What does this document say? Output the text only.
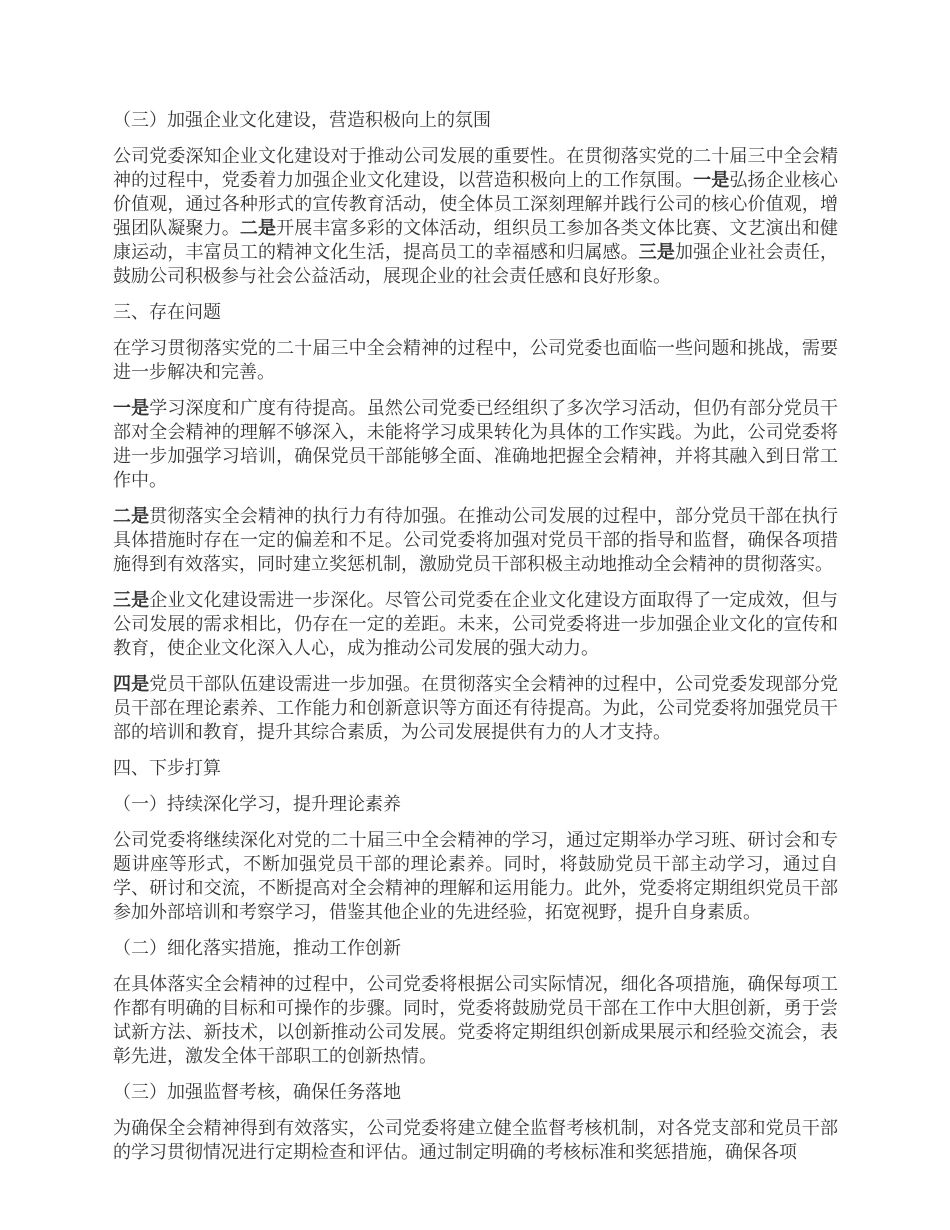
（三）加强企业文化建设，营造积极向上的氛围
公司党委深知企业文化建设对于推动公司发展的重要性。在贯彻落实党的二十届三中全会精神的过程中，党委着力加强企业文化建设，以营造积极向上的工作氛围。一是弘扬企业核心价值观，通过各种形式的宣传教育活动，使全体员工深刻理解并践行公司的核心价值观，增强团队凝聚力。二是开展丰富多彩的文体活动，组织员工参加各类文体比赛、文艺演出和健康运动，丰富员工的精神文化生活，提高员工的幸福感和归属感。三是加强企业社会责任，鼓励公司积极参与社会公益活动，展现企业的社会责任感和良好形象。
三、存在问题
在学习贯彻落实党的二十届三中全会精神的过程中，公司党委也面临一些问题和挑战，需要进一步解决和完善。
一是学习深度和广度有待提高。虽然公司党委已经组织了多次学习活动，但仍有部分党员干部对全会精神的理解不够深入，未能将学习成果转化为具体的工作实践。为此，公司党委将进一步加强学习培训，确保党员干部能够全面、准确地把握全会精神，并将其融入到日常工作中。
二是贯彻落实全会精神的执行力有待加强。在推动公司发展的过程中，部分党员干部在执行具体措施时存在一定的偏差和不足。公司党委将加强对党员干部的指导和监督，确保各项措施得到有效落实，同时建立奖惩机制，激励党员干部积极主动地推动全会精神的贯彻落实。
三是企业文化建设需进一步深化。尽管公司党委在企业文化建设方面取得了一定成效，但与公司发展的需求相比，仍存在一定的差距。未来，公司党委将进一步加强企业文化的宣传和教育，使企业文化深入人心，成为推动公司发展的强大动力。
四是党员干部队伍建设需进一步加强。在贯彻落实全会精神的过程中，公司党委发现部分党员干部在理论素养、工作能力和创新意识等方面还有待提高。为此，公司党委将加强党员干部的培训和教育，提升其综合素质，为公司发展提供有力的人才支持。
四、下步打算
（一）持续深化学习，提升理论素养
公司党委将继续深化对党的二十届三中全会精神的学习，通过定期举办学习班、研讨会和专题讲座等形式，不断加强党员干部的理论素养。同时，将鼓励党员干部主动学习，通过自学、研讨和交流，不断提高对全会精神的理解和运用能力。此外，党委将定期组织党员干部参加外部培训和考察学习，借鉴其他企业的先进经验，拓宽视野，提升自身素质。
（二）细化落实措施，推动工作创新
在具体落实全会精神的过程中，公司党委将根据公司实际情况，细化各项措施，确保每项工作都有明确的目标和可操作的步骤。同时，党委将鼓励党员干部在工作中大胆创新，勇于尝试新方法、新技术，以创新推动公司发展。党委将定期组织创新成果展示和经验交流会，表彰先进，激发全体干部职工的创新热情。
（三）加强监督考核，确保任务落地
为确保全会精神得到有效落实，公司党委将建立健全监督考核机制，对各党支部和党员干部的学习贯彻情况进行定期检查和评估。通过制定明确的考核标准和奖惩措施，确保各项
